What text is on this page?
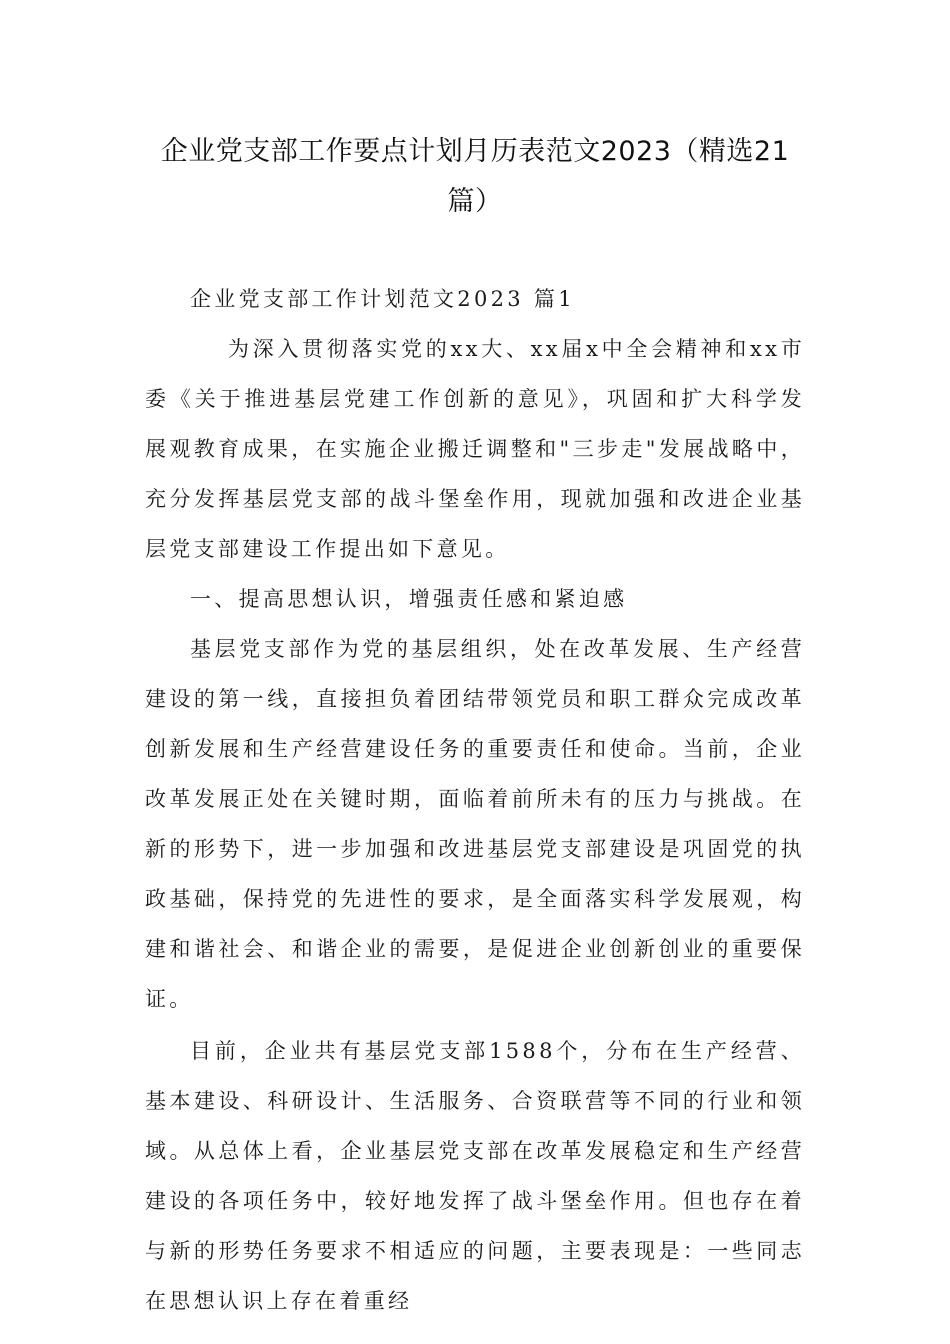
企业党支部工作要点计划月历表范文2023（精选21
篇）

企业党支部工作计划范文2023 篇1

为深入贯彻落实党的xx大、xx届x中全会精神和xx市委《关于推进基层党建工作创新的意见》，巩固和扩大科学发展观教育成果，在实施企业搬迁调整和"三步走"发展战略中，充分发挥基层党支部的战斗堡垒作用，现就加强和改进企业基层党支部建设工作提出如下意见。

一、提高思想认识，增强责任感和紧迫感

基层党支部作为党的基层组织，处在改革发展、生产经营建设的第一线，直接担负着团结带领党员和职工群众完成改革创新发展和生产经营建设任务的重要责任和使命。当前，企业改革发展正处在关键时期，面临着前所未有的压力与挑战。在新的形势下，进一步加强和改进基层党支部建设是巩固党的执政基础，保持党的先进性的要求，是全面落实科学发展观，构建和谐社会、和谐企业的需要，是促进企业创新创业的重要保证。

目前，企业共有基层党支部1588个，分布在生产经营、基本建设、科研设计、生活服务、合资联营等不同的行业和领域。从总体上看，企业基层党支部在改革发展稳定和生产经营建设的各项任务中，较好地发挥了战斗堡垒作用。但也存在着与新的形势任务要求不相适应的问题，主要表现是：一些同志在思想认识上存在着重经
